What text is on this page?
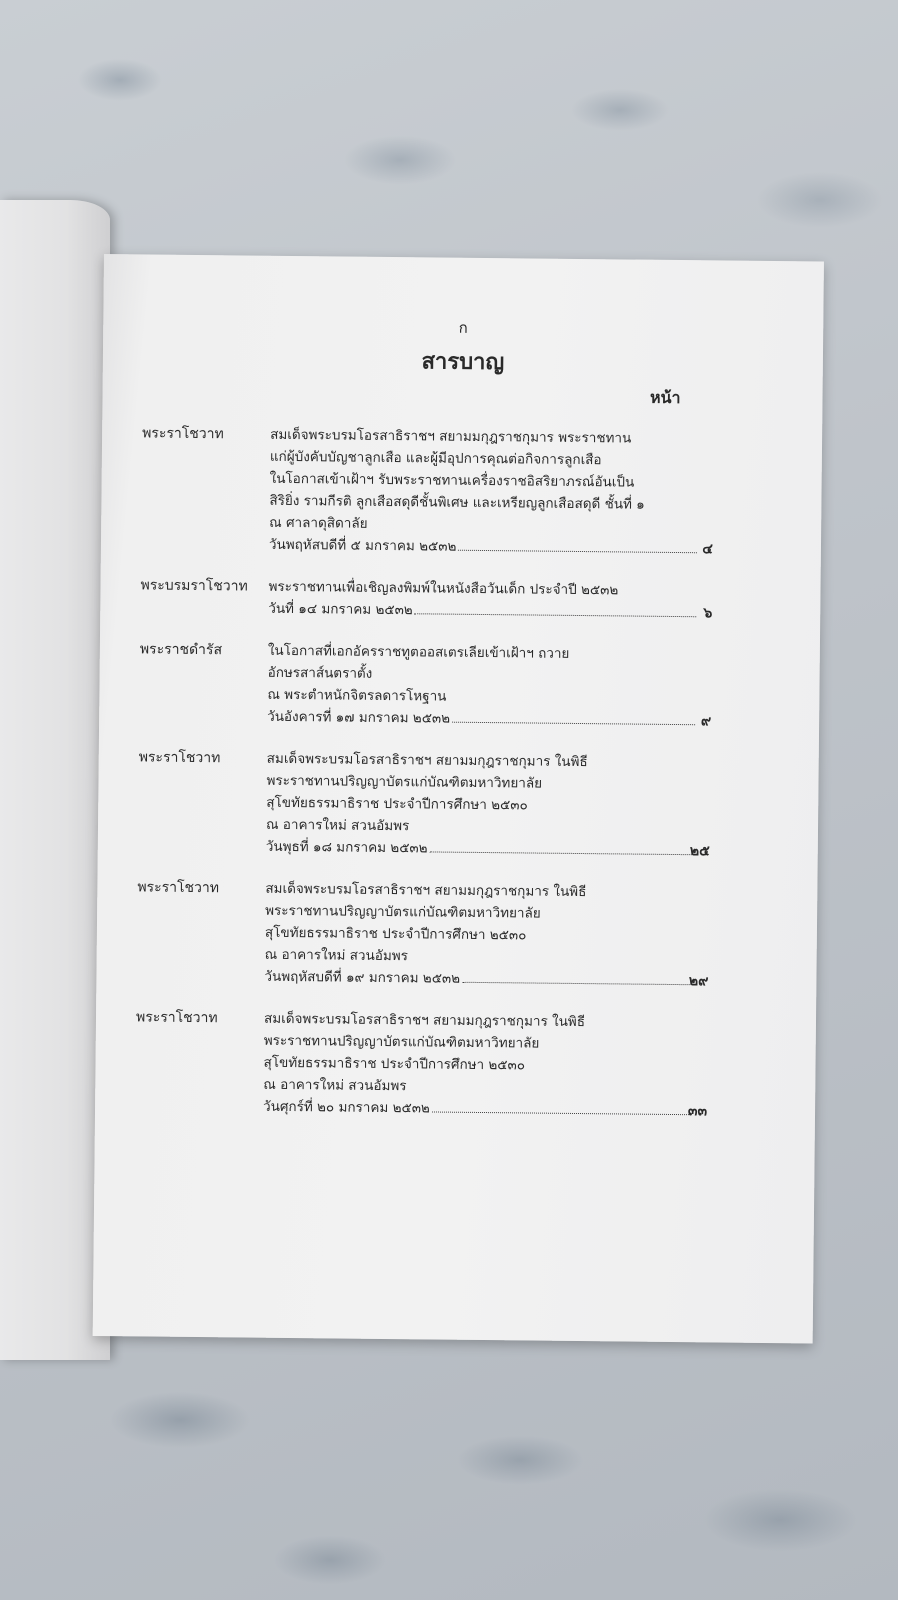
ก
สารบาญ
หน้า
พระราโชวาท	สมเด็จพระบรมโอรสาธิราชฯ สยามมกุฎราชกุมาร พระราชทาน
แก่ผู้บังคับบัญชาลูกเสือ และผู้มีอุปการคุณต่อกิจการลูกเสือ
ในโอกาสเข้าเฝ้าฯ รับพระราชทานเครื่องราชอิสริยาภรณ์อันเป็น
สิริยิ่ง รามกีรติ ลูกเสือสดุดีชั้นพิเศษ และเหรียญลูกเสือสดุดี ชั้นที่ ๑
ณ ศาลาดุสิดาลัย
วันพฤหัสบดีที่ ๕ มกราคม ๒๕๓๒	๔
พระบรมราโชวาท	พระราชทานเพื่อเชิญลงพิมพ์ในหนังสือวันเด็ก ประจำปี ๒๕๓๒
วันที่ ๑๔ มกราคม ๒๕๓๒	๖
พระราชดำรัส	ในโอกาสที่เอกอัครราชทูตออสเตรเลียเข้าเฝ้าฯ ถวาย
อักษรสาส์นตราตั้ง
ณ พระตำหนักจิตรลดารโหฐาน
วันอังคารที่ ๑๗ มกราคม ๒๕๓๒	๙
พระราโชวาท	สมเด็จพระบรมโอรสาธิราชฯ สยามมกุฎราชกุมาร ในพิธี
พระราชทานปริญญาบัตรแก่บัณฑิตมหาวิทยาลัย
สุโขทัยธรรมาธิราช ประจำปีการศึกษา ๒๕๓๐
ณ อาคารใหม่ สวนอัมพร
วันพุธที่ ๑๘ มกราคม ๒๕๓๒	๒๕
พระราโชวาท	สมเด็จพระบรมโอรสาธิราชฯ สยามมกุฎราชกุมาร ในพิธี
พระราชทานปริญญาบัตรแก่บัณฑิตมหาวิทยาลัย
สุโขทัยธรรมาธิราช ประจำปีการศึกษา ๒๕๓๐
ณ อาคารใหม่ สวนอัมพร
วันพฤหัสบดีที่ ๑๙ มกราคม ๒๕๓๒	๒๙
พระราโชวาท	สมเด็จพระบรมโอรสาธิราชฯ สยามมกุฎราชกุมาร ในพิธี
พระราชทานปริญญาบัตรแก่บัณฑิตมหาวิทยาลัย
สุโขทัยธรรมาธิราช ประจำปีการศึกษา ๒๕๓๐
ณ อาคารใหม่ สวนอัมพร
วันศุกร์ที่ ๒๐ มกราคม ๒๕๓๒	๓๓
